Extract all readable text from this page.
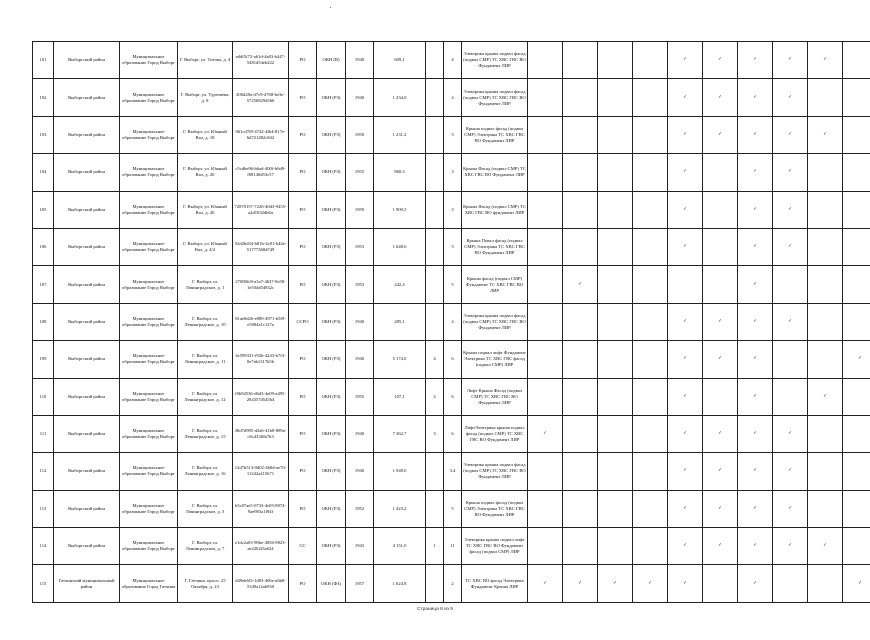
101	Выборгский район	Муниципальное образование Город Выборг	Г. Выборг, ул. Титова, д. 4	eddf5f72-a61d-4a83-b447-5481d54eb222	РО	ОКН (В)	1940	609,1		4	Электрика крыша подвал фасад (подвал СМР) ТС ХВС ГВС ВО Фундамент ЛИР					✓	✓	✓	✓	✓	
102	Выборгский район	Муниципальное образование Город Выборг	Г. Выборг, ул. Тургенева, д. 8	200d28a-d7c9-4768-be3e-57256829d566	РО	ОКН (РЗ)	1940	1 234,0		4	Электрика крыша подвал фасад (подвал СМР) ТС ХВС ГВС ВО Фундамент ЛИР					✓	✓	✓	✓		
103	Выборгский район	Муниципальное образование Город Выборг	Г. Выборг, ул. Южный Вал, д. 18	061cd7f8-4742-4fb4-817e-6d721482c842	РО	ОКН (РЗ)	1950	1 231,2		3	Крыша подвал фасад (подвал СМР) Электрика ТС ХВС ГВС ВО Фундамент ЛИР					✓	✓	✓	✓	✓	
104	Выборгский район	Муниципальное образование Город Выборг	Г. Выборг, ул. Южный Вал, д. 20	c5cdbe96-b6ad-400f-b6d9-f08140d53c57	РО	ОКН (РЗ)	1955	860,3		3	Крыша Фасад (подвал СМР) ТС ХВС ГВС ВО Фундамент ЛИР					✓		✓	✓		
105	Выборгский район	Муниципальное образование Город Выборг	Г. Выборг, ул. Южный Вал, д. 26	72870157-7226-40d3-9455-a2d1032db6a	РО	ОКН (РЗ)	1959	1 900,5		3	Крыша Фасад (подвал СМР) ТС ХВС ГВС ВО фундамент ЛИР					✓		✓	✓		
106	Выборгский район	Муниципальное образование Город Выборг	Г. Выборг, ул. Южный Вал, д. 4/2	52d2bd34-b81b-4c81-b44e-51777368d749	РО	ОКН (РЗ)	1953	1 648,6		3	Крыша Повал фасад (подвал СМР) Электрика ТС ХВС ГВС ВО Фундамент ЛИР					✓		✓	✓		
107	Выборгский район	Муниципальное образование Город Выборг	Г. Выборг, ш. Ленинградское, д. 1	27008fc8-a3a7-4637-8e58-1e504d54832c	РО	ОКН (РЗ)	1953	242,4		5	Крыша фасад (подвал СМР) Фундамент ТС ХВС ГВС ВО ЛИР		✓					✓			
108	Выборгский район	Муниципальное образование Город Выборг	Г. Выборг, ш. Ленинградское, д. 10	81ae0d26-e889-4971-b5f9-e5084a1c127a	ССРО	ОКН (РЗ)	1940	285,1		4	Электрика крыша подвал фасад (подвал СМР) ТС ХВС ГВС ВО Фундамент ЛИР					✓	✓	✓	✓		
109	Выборгский район	Муниципальное образование Город Выборг	Г. Выборг, ш. Ленинградское, д. 11	4e599331-f92b-4243-b7f3-0e7ab1317b5b	РО	ОКН (РЗ)	1940	5 174,0	4	6	Крыша подвал лифт Фундамент Электрика ТС ХВС ГВС фасад (подвал СМР) ЛИР					✓	✓	✓			✓
110	Выборгский район	Муниципальное образование Город Выборг	Г. Выборг, ш. Ленинградское, д. 12	f0b94536-d6d3-4e09-a495-284357d545b4	РО	ОКН (РЗ)	1955	107,1	4	6	Лифт Крыша Фасад (подвал СМР) ТС ХВС ГВС ВО Фундамент ЛИР					✓		✓		✓	
111	Выборгский район	Муниципальное образование Город Выборг	Г. Выборг, ш. Ленинградское, д. 15	38d7d985-d2a6-41b8-889a-c8c433f6b7b3	РО	ОКН (РЗ)	1940	7 362,7	3	6	ЛифтЭлектрика крыша подвал фасад (подвал СМР) ТС ХВС ГВС ВО Фундамент ЛИР	✓				✓	✓	✓	✓		
112	Выборгский район	Муниципальное образование Город Выборг	Г. Выборг, ш. Ленинградское, д. 16	12d7b513-0d02-4b8d-ae70-11242a415671	РО	ОКН (РЗ)	1940	1 948,0		3,4	Электрика крыша подвал фасад (подвал СМР) ТС ХВС ГВС ВО Фундамент ЛИР					✓	✓	✓	✓		
113	Выборгский район	Муниципальное образование Город Выборг	Г. Выборг, ш. Ленинградское, д. 3	b5c07ae5-0733-4e05-8074-9ae983a1f94f	РО	ОКН (РЗ)	1952	1 423,2		5	Крыша подвал фасад (подвал СМР) Электрика ТС ХВС ГВС ВО Фундамент ЛИР					✓	✓	✓	✓		
114	Выборгский район	Муниципальное образование Город Выборг	Г. Выборг, ш. Ленинградское, д. 7	e1dc2a03-98be-4056-9823-ae2262f3a624	СС	ОКН (РЗ)	1943	4 151,0	1	11	Электрика крыша подвал лифт ТС ХВС ГВС ВО Фундамент фасад (подвал СМР) ЛИР					✓	✓	✓	✓	✓	
115	Гатчинский муниципальный район	Муниципальное образование Город Гатчина	Г. Гатчина, просп. 25 Октября, д. 23	d49eb6f3-1d83-406e-a6b8-5349a12ab930	РО	ОКН (ФЗ)	1957	1 624,8		2	ТС ХВС ВО фасад Электрика Фундамент Крыша ЛИР	✓	✓	✓	✓	✓		✓			✓
Страница 8 из 9
